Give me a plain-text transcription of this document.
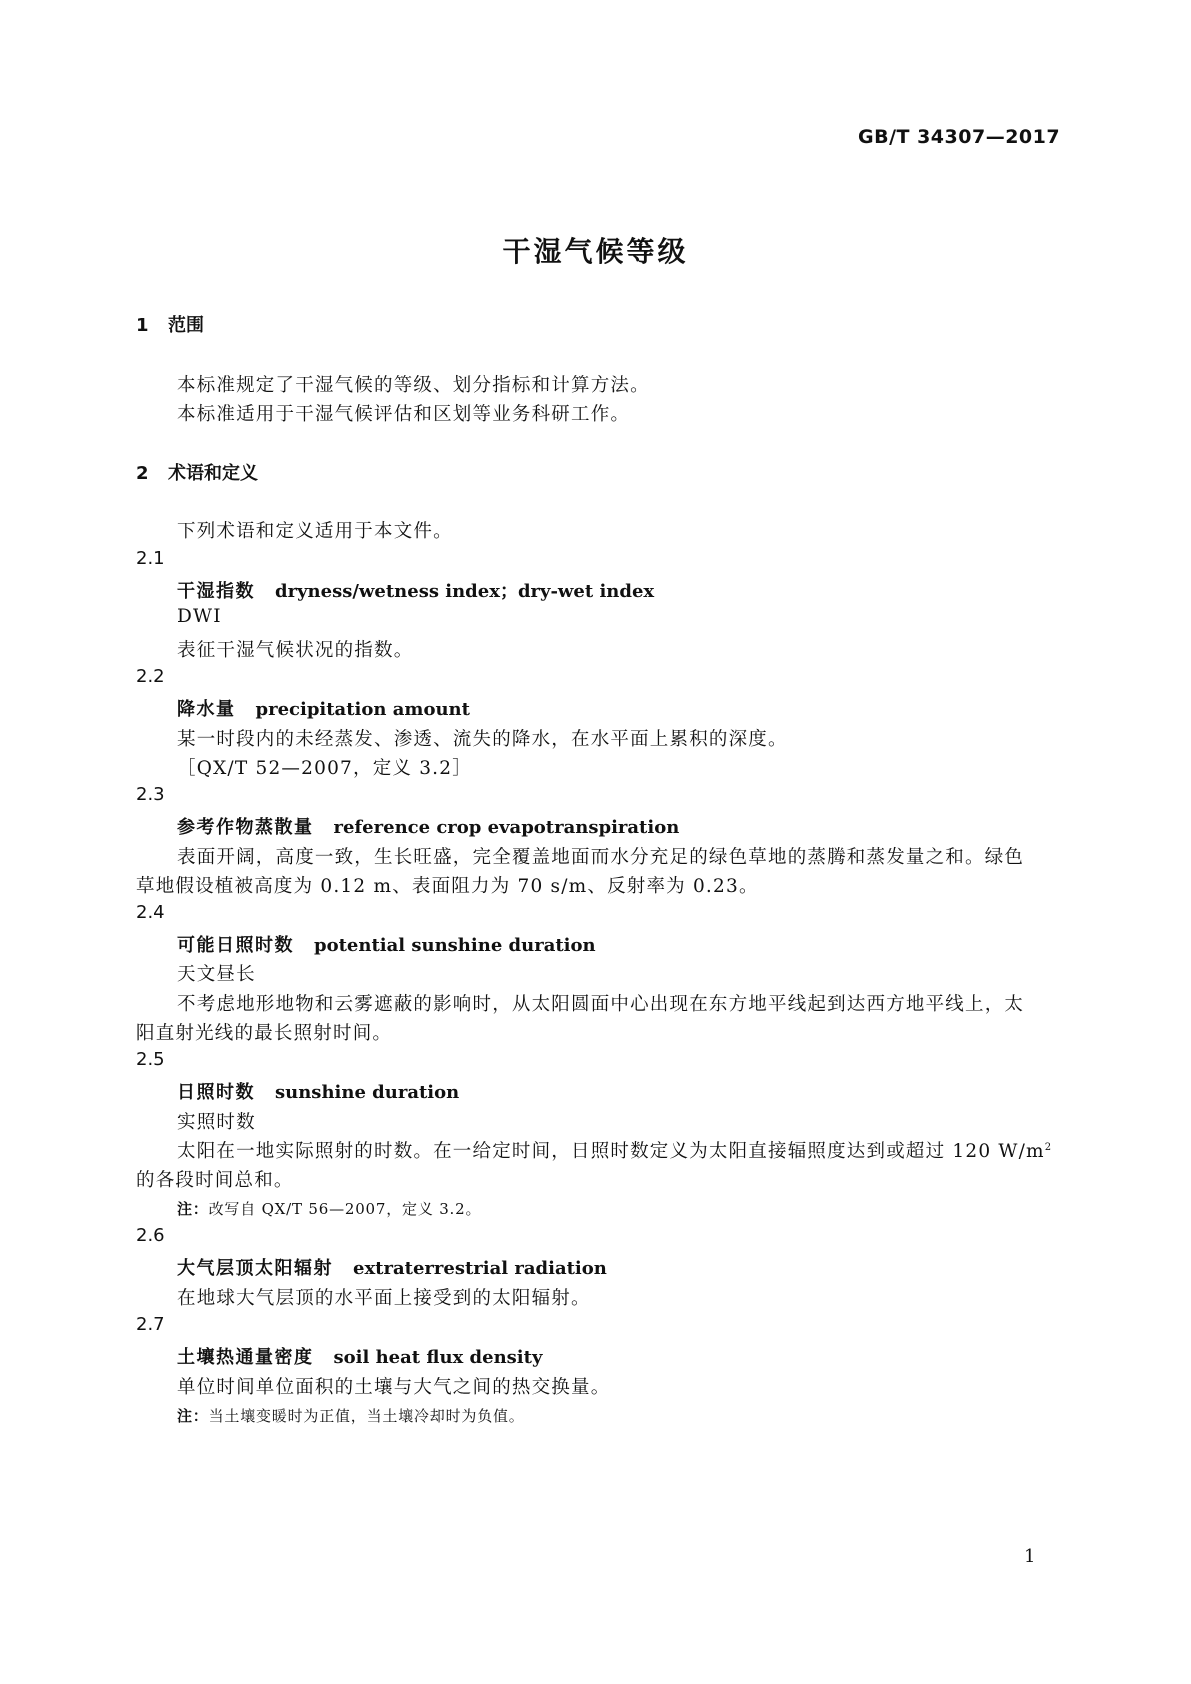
GB/T 34307—2017
干湿气候等级
1 范围
本标准规定了干湿气候的等级、划分指标和计算方法。
本标准适用于干湿气候评估和区划等业务科研工作。
2 术语和定义
下列术语和定义适用于本文件。
2.1
干湿指数 dryness/wetness index；dry-wet index
DWI
表征干湿气候状况的指数。
2.2
降水量 precipitation amount
某一时段内的未经蒸发、渗透、流失的降水，在水平面上累积的深度。
［QX/T 52—2007，定义 3.2］
2.3
参考作物蒸散量 reference crop evapotranspiration
表面开阔，高度一致，生长旺盛，完全覆盖地面而水分充足的绿色草地的蒸腾和蒸发量之和。绿色
草地假设植被高度为 0.12 m、表面阻力为 70 s/m、反射率为 0.23。
2.4
可能日照时数 potential sunshine duration
天文昼长
不考虑地形地物和云雾遮蔽的影响时，从太阳圆面中心出现在东方地平线起到达西方地平线上，太
阳直射光线的最长照射时间。
2.5
日照时数 sunshine duration
实照时数
太阳在一地实际照射的时数。在一给定时间，日照时数定义为太阳直接辐照度达到或超过 120 $W/m^2$
的各段时间总和。
注：改写自 QX/T 56—2007，定义 3.2。
2.6
大气层顶太阳辐射 extraterrestrial radiation
在地球大气层顶的水平面上接受到的太阳辐射。
2.7
土壤热通量密度 soil heat flux density
单位时间单位面积的土壤与大气之间的热交换量。
注：当土壤变暖时为正值，当土壤冷却时为负值。
1
